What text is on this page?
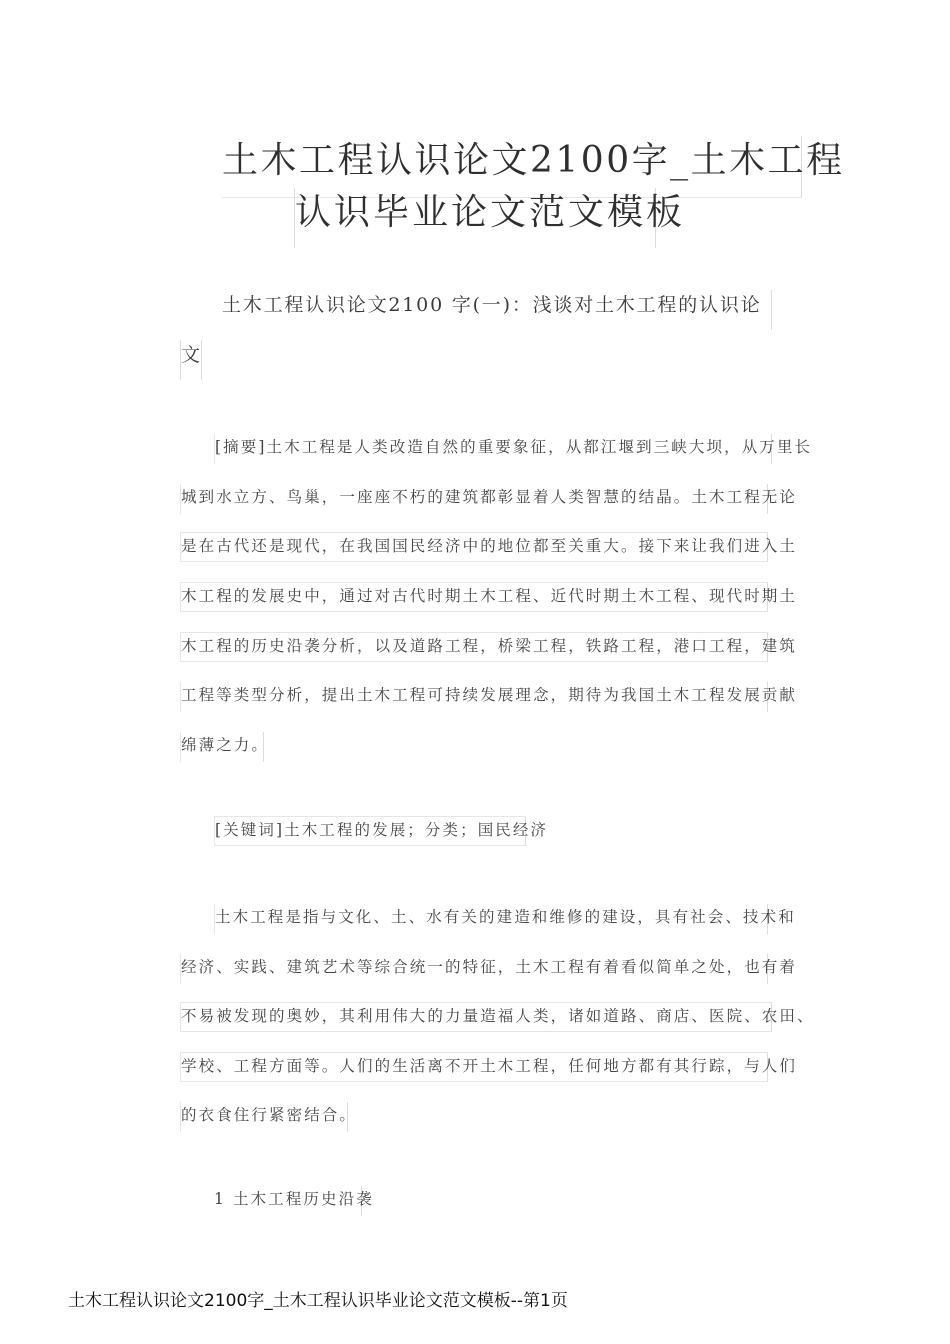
土木工程认识论文2100字_土木工程
认识毕业论文范文模板
土木工程认识论文2100 字(一)：浅谈对土木工程的认识论
文
[摘要]土木工程是人类改造自然的重要象征，从都江堰到三峡大坝，从万里长
城到水立方、鸟巢，一座座不朽的建筑都彰显着人类智慧的结晶。土木工程无论
是在古代还是现代，在我国国民经济中的地位都至关重大。接下来让我们进入土
木工程的发展史中，通过对古代时期土木工程、近代时期土木工程、现代时期土
木工程的历史沿袭分析，以及道路工程，桥梁工程，铁路工程，港口工程，建筑
工程等类型分析，提出土木工程可持续发展理念，期待为我国土木工程发展贡献
绵薄之力。
[关键词]土木工程的发展；分类；国民经济
土木工程是指与文化、土、水有关的建造和维修的建设，具有社会、技术和
经济、实践、建筑艺术等综合统一的特征，土木工程有着看似简单之处，也有着
不易被发现的奥妙，其利用伟大的力量造福人类，诸如道路、商店、医院、农田、
学校、工程方面等。人们的生活离不开土木工程，任何地方都有其行踪，与人们
的衣食住行紧密结合。
1 土木工程历史沿袭
土木工程认识论文2100字_土木工程认识毕业论文范文模板--第1页
